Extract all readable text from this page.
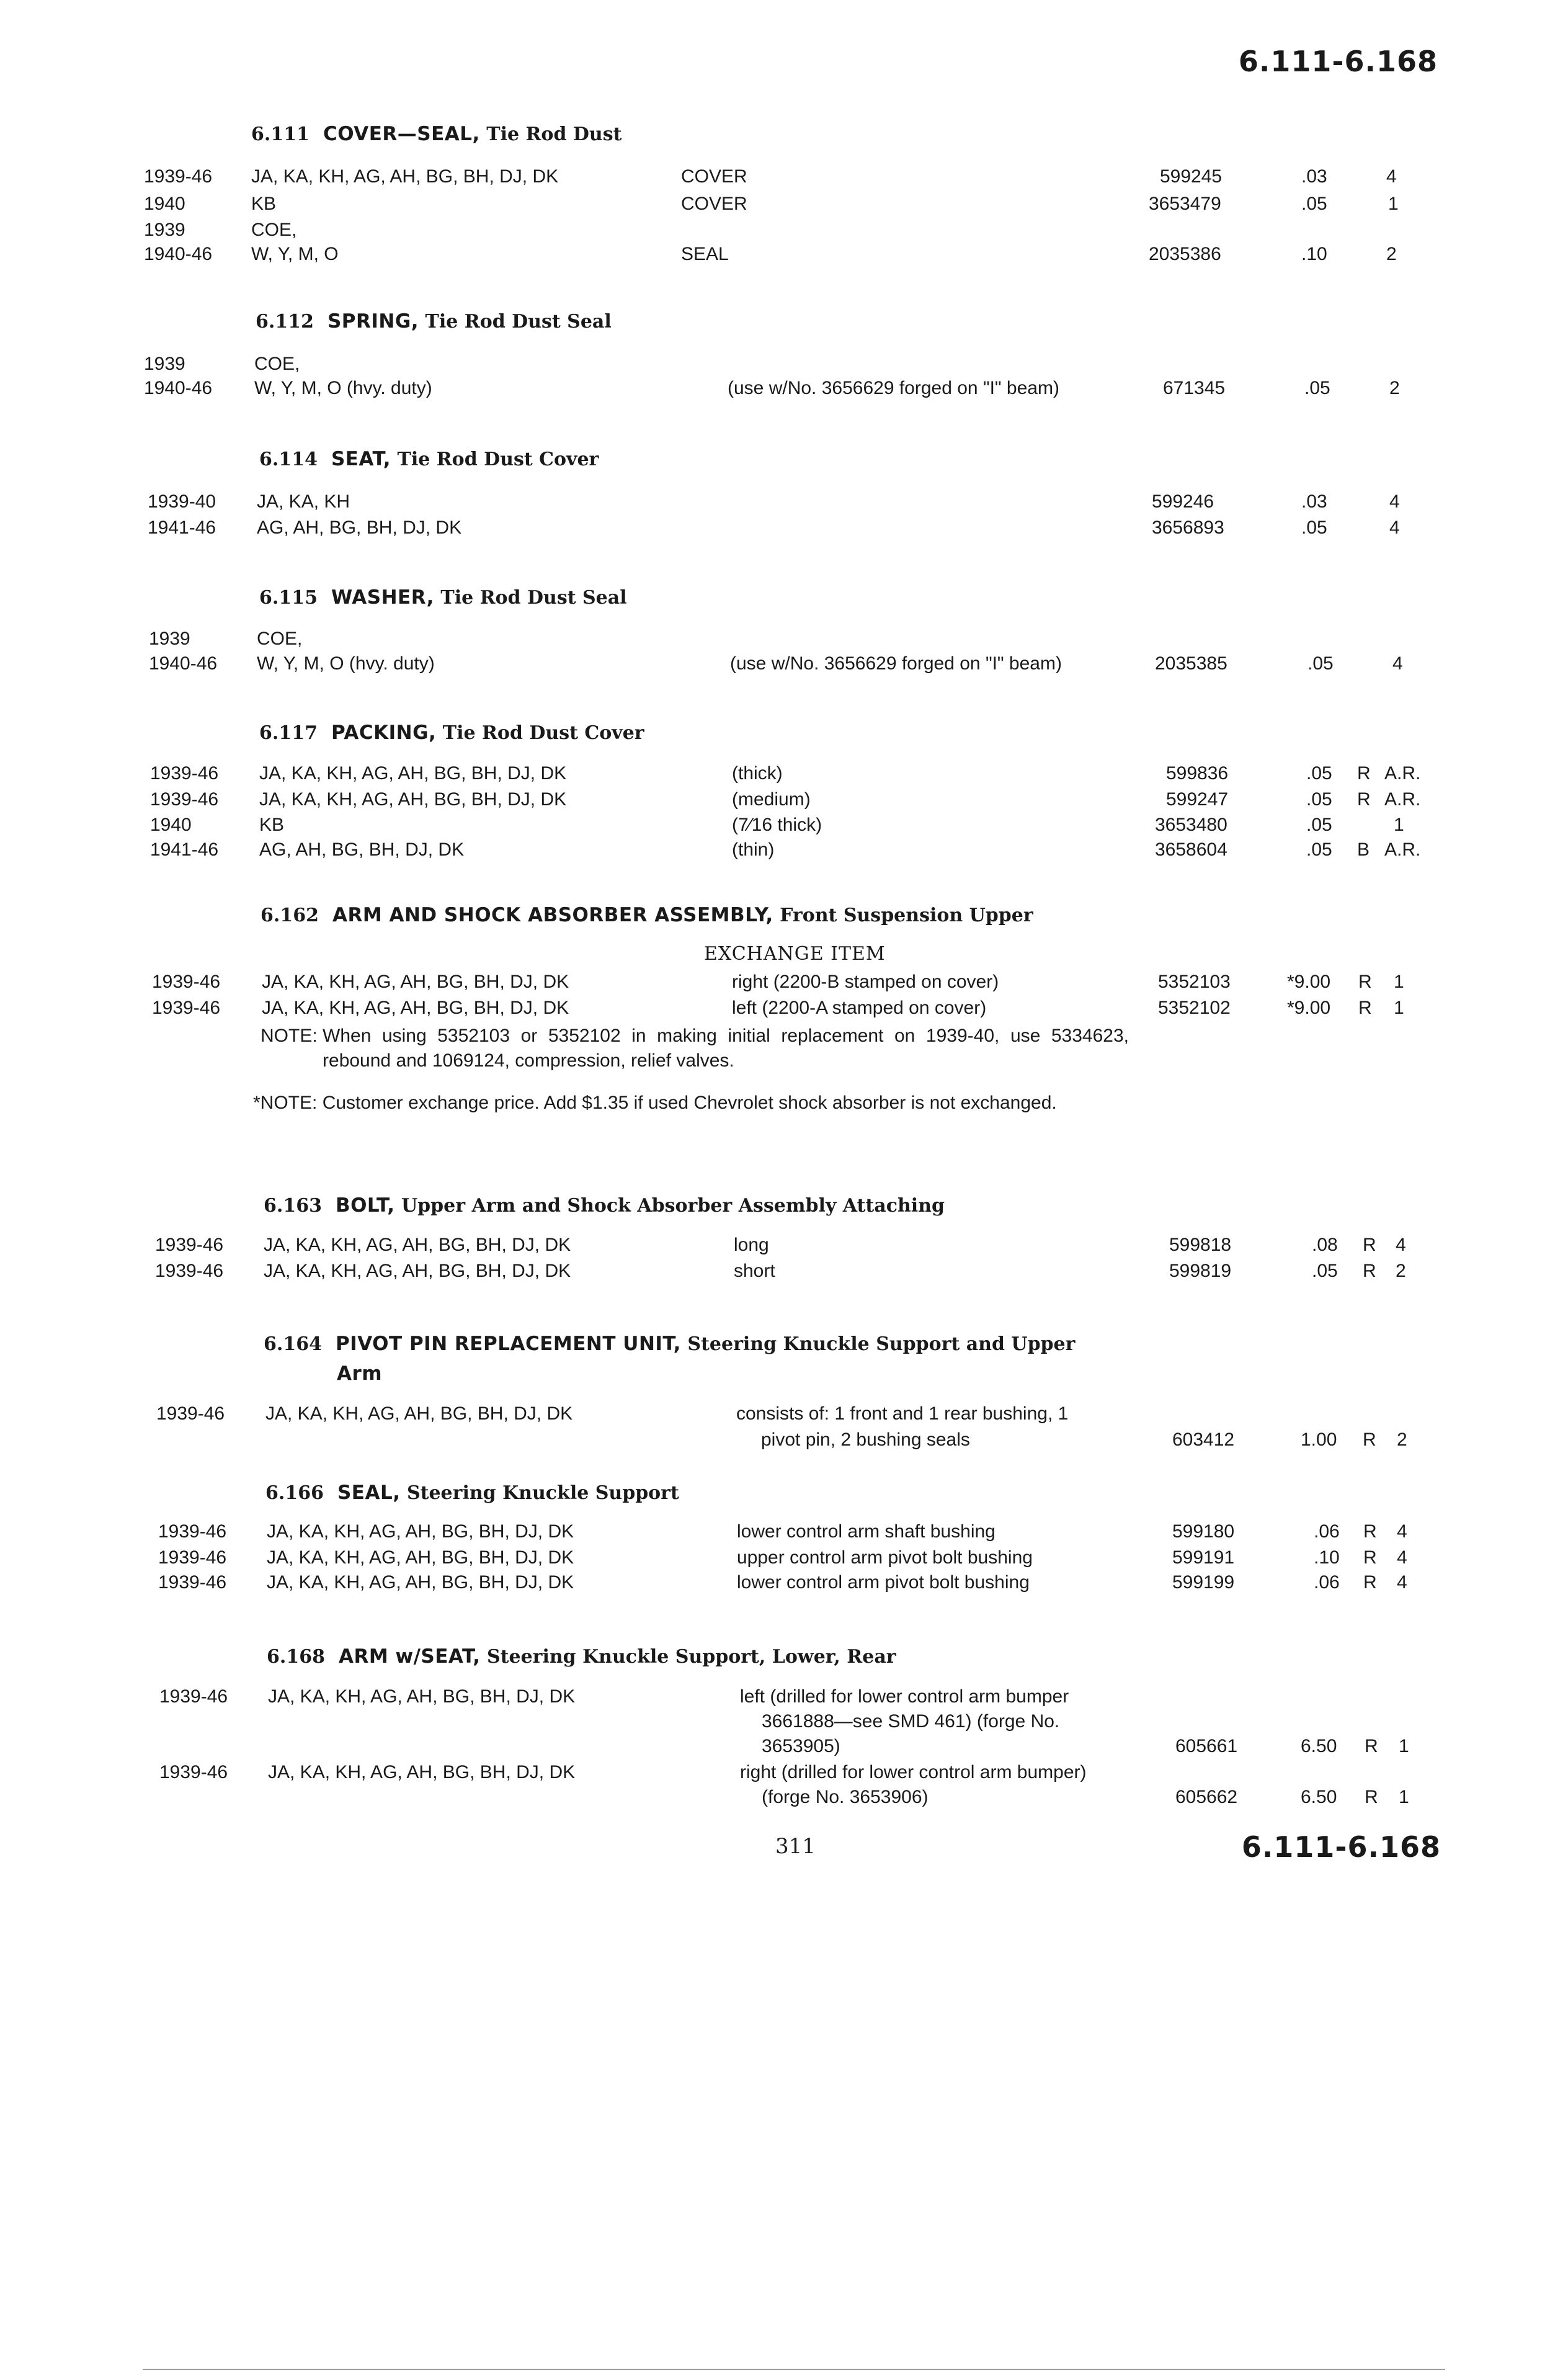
6.111-6.168
6.111 COVER—SEAL, Tie Rod Dust
1939-46 JA, KA, KH, AG, AH, BG, BH, DJ, DK	COVER	599245	.03	4
1940	KB	COVER	3653479	.05	1
1939	COE,
1940-46 W, Y, M, O	SEAL	2035386	.10	2
6.112 SPRING, Tie Rod Dust Seal
1939	COE,
1940-46 W, Y, M, O (hvy. duty)	(use w/No. 3656629 forged on "I" beam)	671345	.05	2
6.114 SEAT, Tie Rod Dust Cover
1939-40 JA, KA, KH	599246	.03	4
1941-46 AG, AH, BG, BH, DJ, DK	3656893	.05	4
6.115 WASHER, Tie Rod Dust Seal
1939	COE,
1940-46 W, Y, M, O (hvy. duty)	(use w/No. 3656629 forged on "I" beam)	2035385	.05	4
6.117 PACKING, Tie Rod Dust Cover
1939-46 JA, KA, KH, AG, AH, BG, BH, DJ, DK	(thick)	599836	.05 R A.R.
1939-46 JA, KA, KH, AG, AH, BG, BH, DJ, DK	(medium)	599247	.05 R A.R.
1940	KB	(7⁄16 thick)	3653480	.05	1
1941-46 AG, AH, BG, BH, DJ, DK	(thin)	3658604	.05 B A.R.
6.162 ARM AND SHOCK ABSORBER ASSEMBLY, Front Suspension Upper
EXCHANGE ITEM
1939-46 JA, KA, KH, AG, AH, BG, BH, DJ, DK	right (2200-B stamped on cover)	5352103	*9.00 R 1
1939-46 JA, KA, KH, AG, AH, BG, BH, DJ, DK	left (2200-A stamped on cover)	5352102	*9.00 R 1
NOTE: When using 5352103 or 5352102 in making initial replacement on 1939-40, use 5334623, rebound and 1069124, compression, relief valves.
*NOTE: Customer exchange price. Add $1.35 if used Chevrolet shock absorber is not exchanged.
6.163 BOLT, Upper Arm and Shock Absorber Assembly Attaching
1939-46 JA, KA, KH, AG, AH, BG, BH, DJ, DK	long	599818	.08 R 4
1939-46 JA, KA, KH, AG, AH, BG, BH, DJ, DK	short	599819	.05 R 2
6.164 PIVOT PIN REPLACEMENT UNIT, Steering Knuckle Support and Upper
Arm
1939-46 JA, KA, KH, AG, AH, BG, BH, DJ, DK	consists of: 1 front and 1 rear bushing, 1
pivot pin, 2 bushing seals	603412	1.00 R 2
6.166 SEAL, Steering Knuckle Support
1939-46 JA, KA, KH, AG, AH, BG, BH, DJ, DK	lower control arm shaft bushing	599180	.06 R 4
1939-46 JA, KA, KH, AG, AH, BG, BH, DJ, DK	upper control arm pivot bolt bushing	599191	.10 R 4
1939-46 JA, KA, KH, AG, AH, BG, BH, DJ, DK	lower control arm pivot bolt bushing	599199	.06 R 4
6.168 ARM w/SEAT, Steering Knuckle Support, Lower, Rear
1939-46 JA, KA, KH, AG, AH, BG, BH, DJ, DK	left (drilled for lower control arm bumper
3661888—see SMD 461) (forge No.
3653905)	605661	6.50 R 1
1939-46 JA, KA, KH, AG, AH, BG, BH, DJ, DK	right (drilled for lower control arm bumper)
(forge No. 3653906)	605662	6.50 R 1
311	6.111-6.168
